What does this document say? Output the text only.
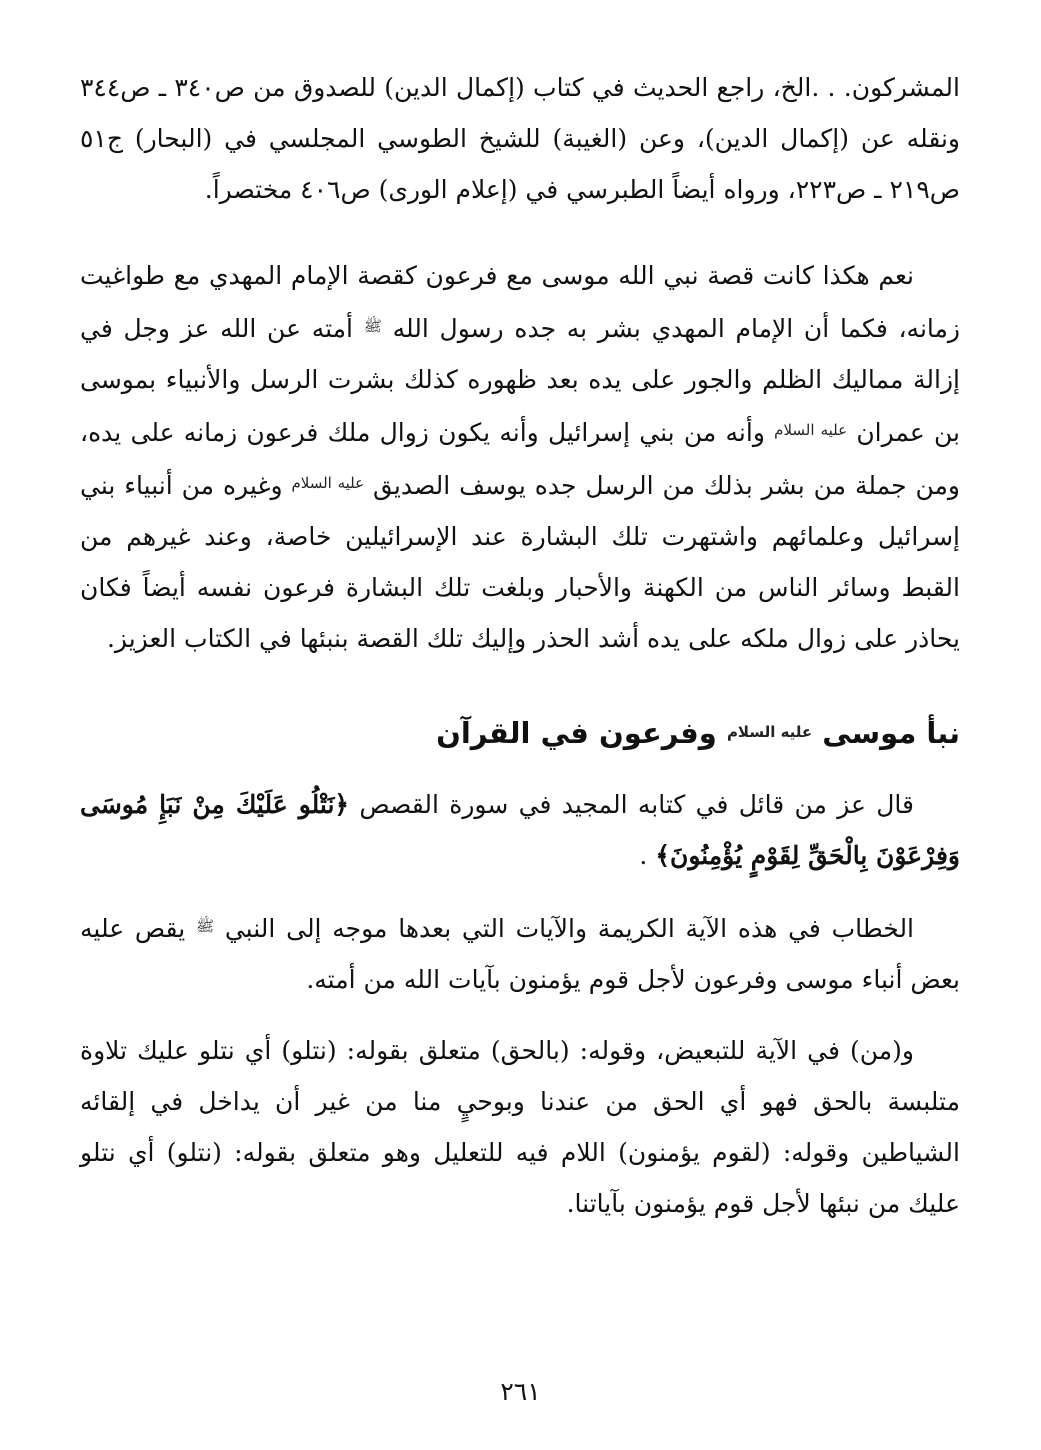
المشركون. . .الخ، راجع الحديث في كتاب (إكمال الدين) للصدوق من ص٣٤٠ ـ ص٣٤٤ ونقله عن (إكمال الدين)، وعن (الغيبة) للشيخ الطوسي المجلسي في (البحار) ج٥١ ص٢١٩ ـ ص٢٢٣، ورواه أيضاً الطبرسي في (إعلام الورى) ص٤٠٦ مختصراً.

نعم هكذا كانت قصة نبي الله موسى مع فرعون كقصة الإمام المهدي مع طواغيت زمانه، فكما أن الإمام المهدي بشر به جده رسول الله $^ﷺ$ أمته عن الله عز وجل في إزالة مماليك الظلم والجور على يده بعد ظهوره كذلك بشرت الرسل والأنبياء بموسى بن عمران $^{عليه السلام}$ وأنه من بني إسرائيل وأنه يكون زوال ملك فرعون زمانه على يده، ومن جملة من بشر بذلك من الرسل جده يوسف الصديق $^{عليه السلام}$ وغيره من أنبياء بني إسرائيل وعلمائهم واشتهرت تلك البشارة عند الإسرائيلين خاصة، وعند غيرهم من القبط وسائر الناس من الكهنة والأحبار وبلغت تلك البشارة فرعون نفسه أيضاً فكان يحاذر على زوال ملكه على يده أشد الحذر وإليك تلك القصة بنبئها في الكتاب العزيز.

نبأ موسى $^{عليه السلام}$ وفرعون في القرآن

قال عز من قائل في كتابه المجيد في سورة القصص ﴿نَتْلُو عَلَيْكَ مِنْ نَبَإِ مُوسَى وَفِرْعَوْنَ بِالْحَقِّ لِقَوْمٍ يُؤْمِنُونَ﴾ .

الخطاب في هذه الآية الكريمة والآيات التي بعدها موجه إلى النبي $^ﷺ$ يقص عليه بعض أنباء موسى وفرعون لأجل قوم يؤمنون بآيات الله من أمته.

و(من) في الآية للتبعيض، وقوله: (بالحق) متعلق بقوله: (نتلو) أي نتلو عليك تلاوة متلبسة بالحق فهو أي الحق من عندنا وبوحيٍ منا من غير أن يداخل في إلقائه الشياطين وقوله: (لقوم يؤمنون) اللام فيه للتعليل وهو متعلق بقوله: (نتلو) أي نتلو عليك من نبئها لأجل قوم يؤمنون بآياتنا.

٢٦١
